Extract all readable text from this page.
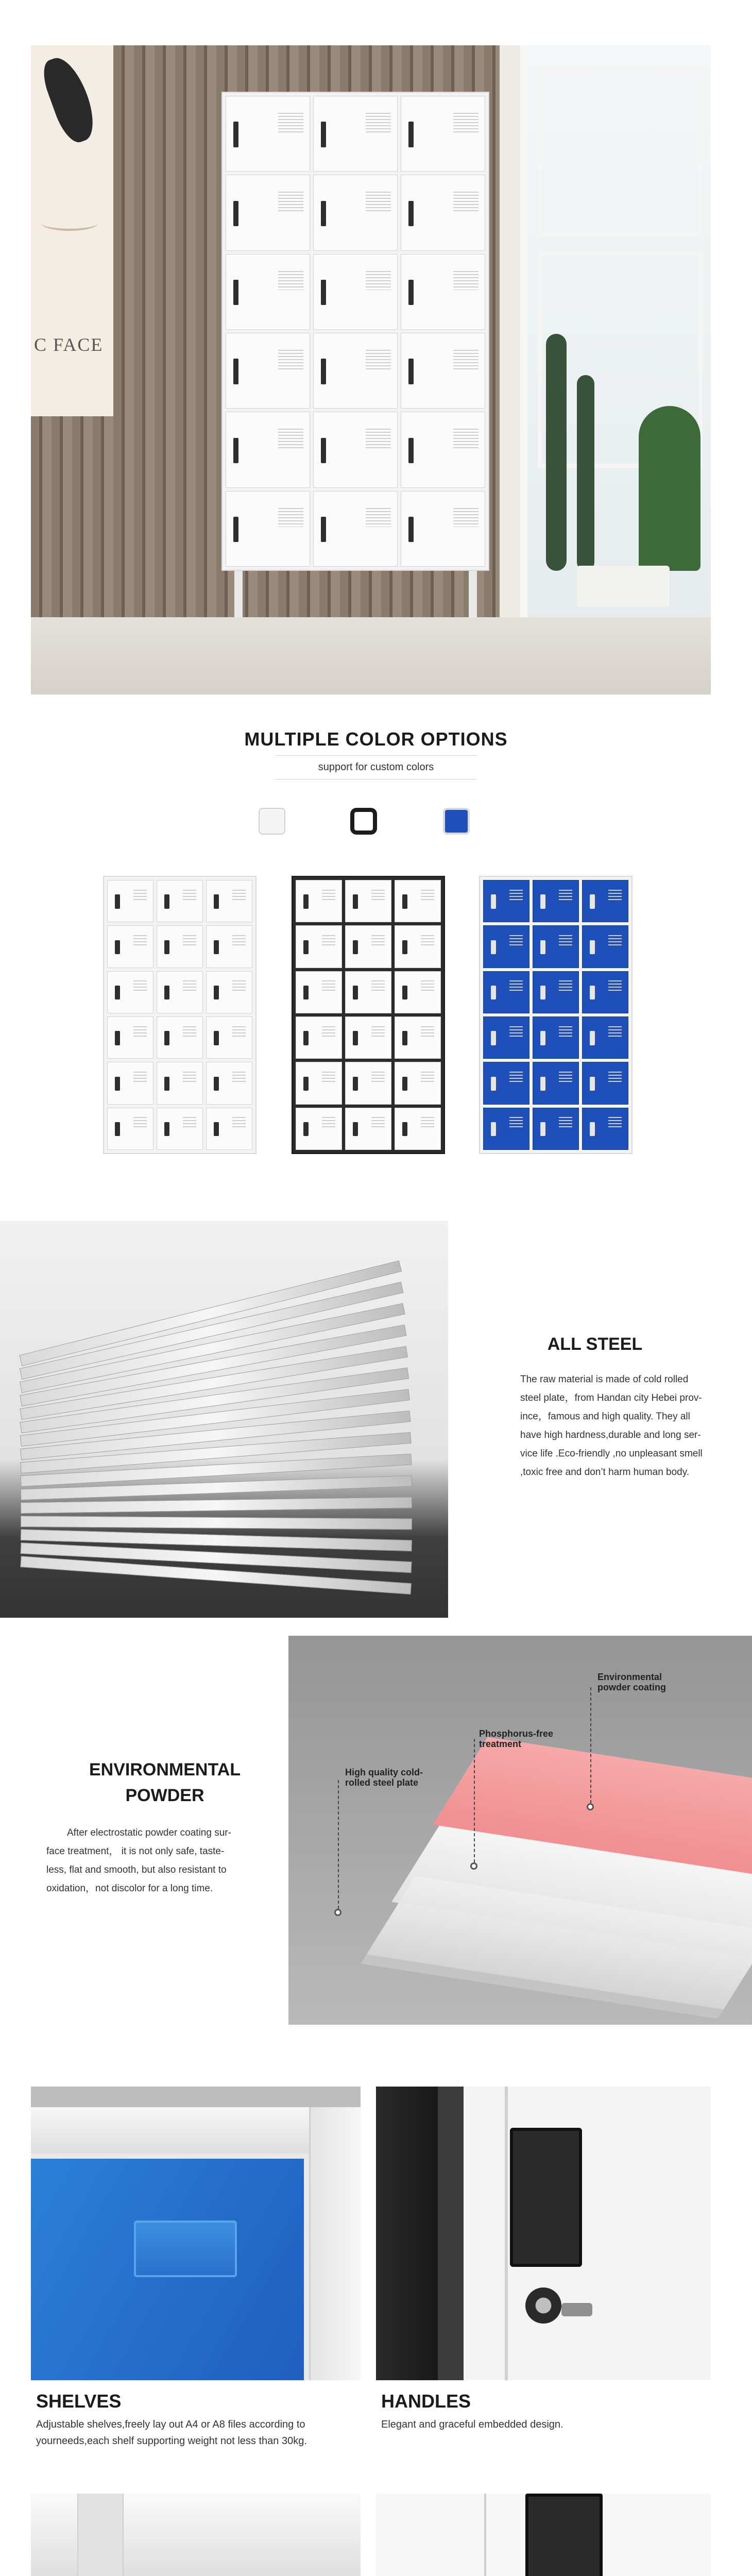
C FACE
MULTIPLE COLOR OPTIONS
support for custom colors
ALL STEEL
The raw material is made of cold rolled
steel plate，from Handan city Hebei prov-
ince，famous and high quality. They all
have high hardness,durable and long ser-
vice life .Eco-friendly ,no unpleasant smell
,toxic free and don’t harm human body.
ENVIRONMENTAL
POWDER
After electrostatic powder coating sur-
face treatment， it is not only safe, taste-
less, flat and smooth, but also resistant to
oxidation，not discolor for a long time.
Environmental
powder coating
Phosphorus-free
treatment
High quality cold-
rolled steel plate
SHELVES
Adjustable shelves,freely lay out A4 or A8 files according to
yourneeds,each shelf supporting weight not less than 30kg.
HANDLES
Elegant and graceful embedded design.
